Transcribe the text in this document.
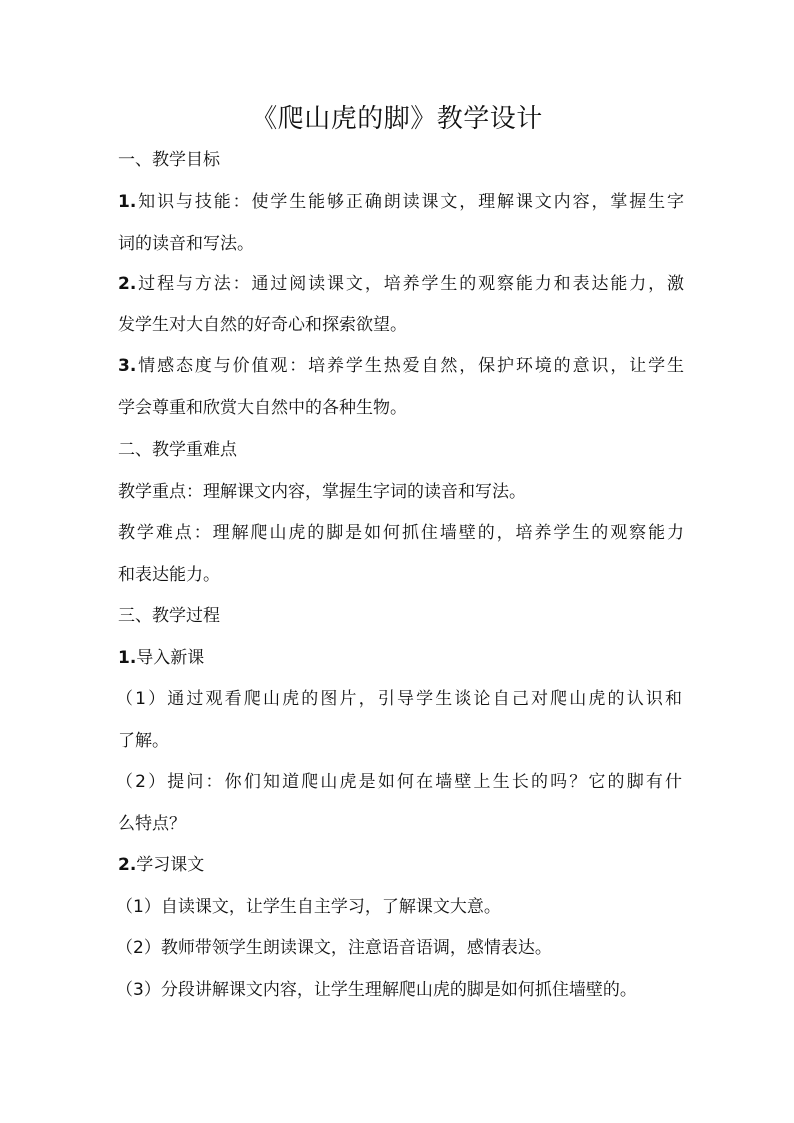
《爬山虎的脚》教学设计
一、教学目标
1.知识与技能：使学生能够正确朗读课文，理解课文内容，掌握生字
词的读音和写法。
2.过程与方法：通过阅读课文，培养学生的观察能力和表达能力，激
发学生对大自然的好奇心和探索欲望。
3.情感态度与价值观：培养学生热爱自然，保护环境的意识，让学生
学会尊重和欣赏大自然中的各种生物。
二、教学重难点
教学重点：理解课文内容，掌握生字词的读音和写法。
教学难点：理解爬山虎的脚是如何抓住墙壁的，培养学生的观察能力
和表达能力。
三、教学过程
1.导入新课
（1）通过观看爬山虎的图片，引导学生谈论自己对爬山虎的认识和
了解。
（2）提问：你们知道爬山虎是如何在墙壁上生长的吗？它的脚有什
么特点？
2.学习课文
（1）自读课文，让学生自主学习，了解课文大意。
（2）教师带领学生朗读课文，注意语音语调，感情表达。
（3）分段讲解课文内容，让学生理解爬山虎的脚是如何抓住墙壁的。
